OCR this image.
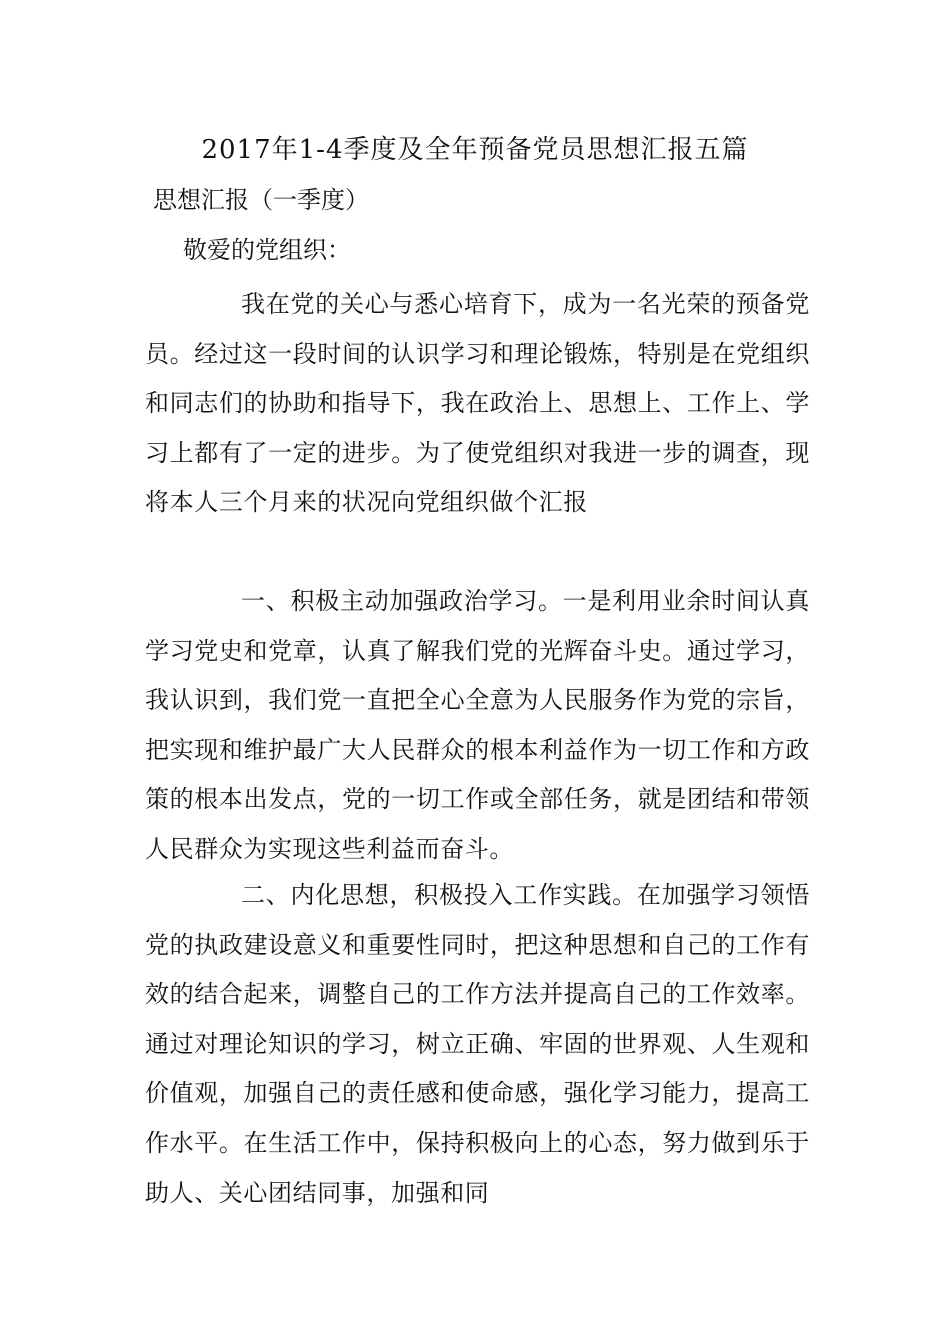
2017年1-4季度及全年预备党员思想汇报五篇
思想汇报（一季度）
敬爱的党组织：

我在党的关心与悉心培育下，成为一名光荣的预备党员。经过这一段时间的认识学习和理论锻炼，特别是在党组织和同志们的协助和指导下，我在政治上、思想上、工作上、学习上都有了一定的进步。为了使党组织对我进一步的调查，现将本人三个月来的状况向党组织做个汇报

一、积极主动加强政治学习。一是利用业余时间认真学习党史和党章，认真了解我们党的光辉奋斗史。通过学习，我认识到，我们党一直把全心全意为人民服务作为党的宗旨，把实现和维护最广大人民群众的根本利益作为一切工作和方政策的根本出发点，党的一切工作或全部任务，就是团结和带领人民群众为实现这些利益而奋斗。

二、内化思想，积极投入工作实践。在加强学习领悟党的执政建设意义和重要性同时，把这种思想和自己的工作有效的结合起来，调整自己的工作方法并提高自己的工作效率。通过对理论知识的学习，树立正确、牢固的世界观、人生观和价值观，加强自己的责任感和使命感，强化学习能力，提高工作水平。在生活工作中，保持积极向上的心态，努力做到乐于助人、关心团结同事，加强和同
